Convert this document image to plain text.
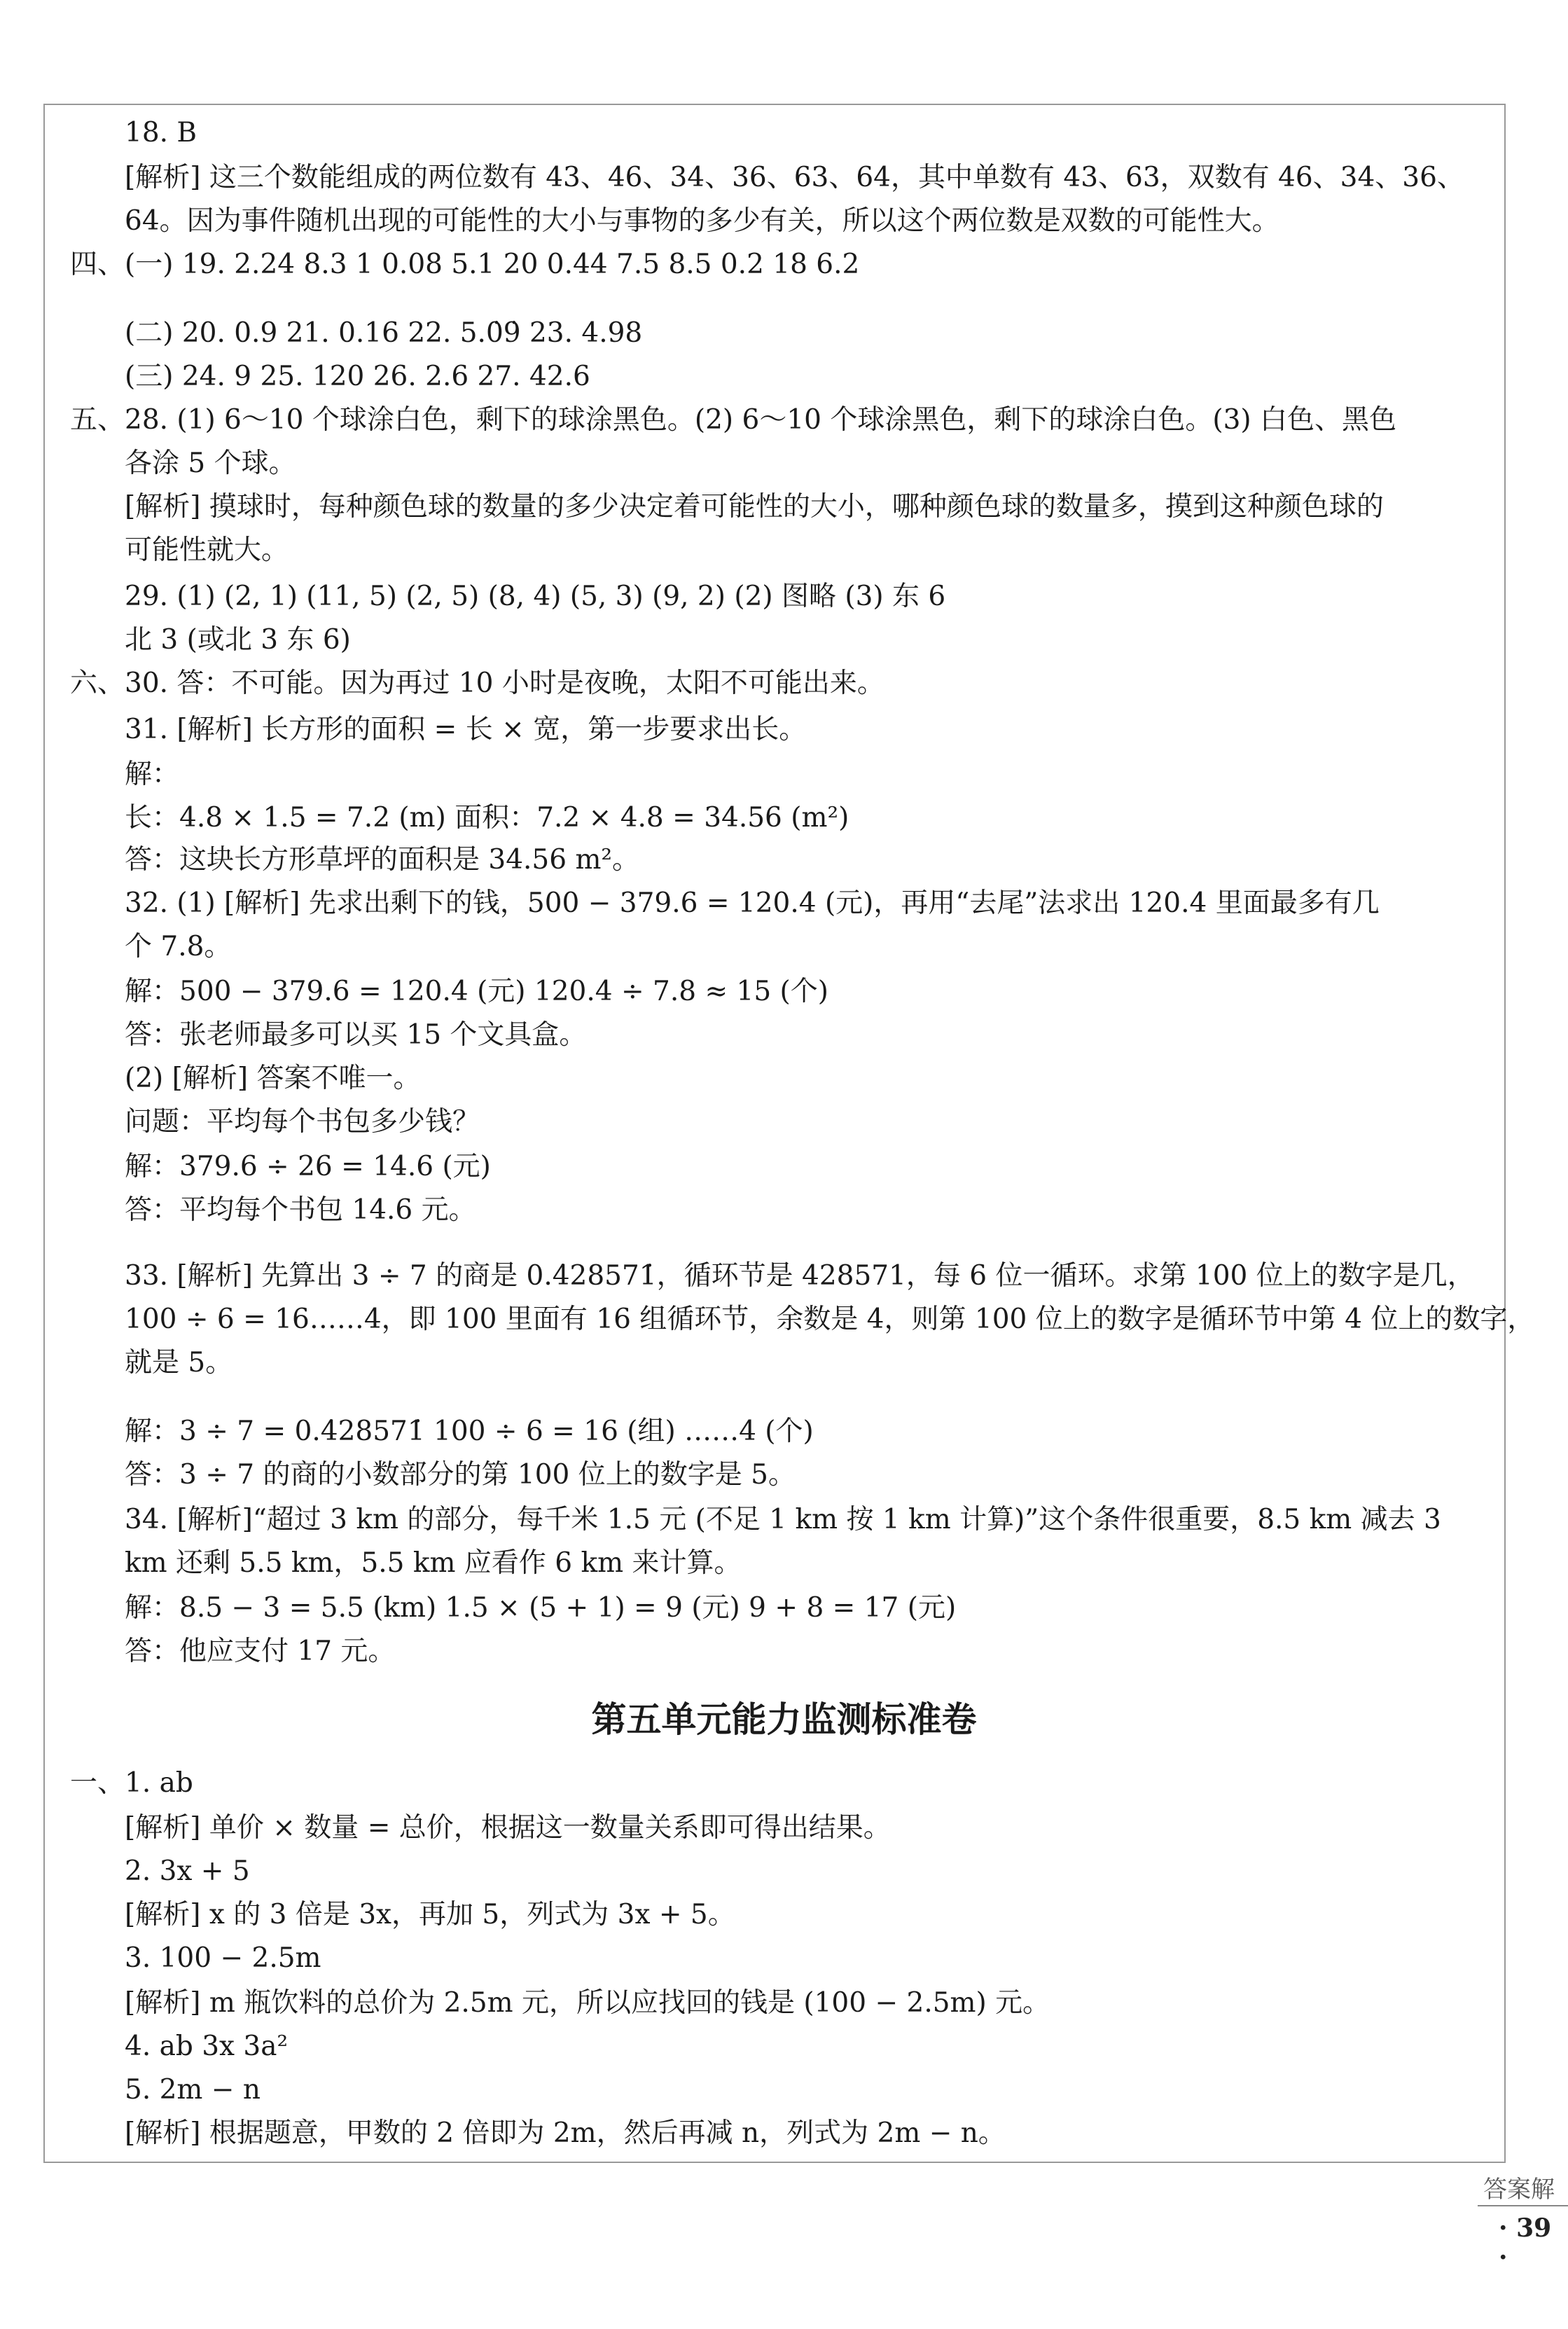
18. B
[解析] 这三个数能组成的两位数有 43、46、34、36、63、64，其中单数有 43、63，双数有 46、34、36、
64。因为事件随机出现的可能性的大小与事物的多少有关，所以这个两位数是双数的可能性大。
四、(一) 19. 2.24 8.3 1 0.08 5.1 20 0.44 7.5 8.5 0.2 18 6.2
(二) 20. 0.9 21. 0.16 22. 5.0̇9̇ 23. 4.98
(三) 24. 9 25. 120 26. 2.6 27. 42.6
五、28. (1) 6～10 个球涂白色，剩下的球涂黑色。(2) 6～10 个球涂黑色，剩下的球涂白色。(3) 白色、黑色
各涂 5 个球。
[解析] 摸球时，每种颜色球的数量的多少决定着可能性的大小，哪种颜色球的数量多，摸到这种颜色球的
可能性就大。
29. (1) (2, 1) (11, 5) (2, 5) (8, 4) (5, 3) (9, 2) (2) 图略 (3) 东 6
北 3 (或北 3 东 6)
六、30. 答：不可能。因为再过 10 小时是夜晚，太阳不可能出来。
31. [解析] 长方形的面积 = 长 × 宽，第一步要求出长。
解：
长：4.8 × 1.5 = 7.2 (m) 面积：7.2 × 4.8 = 34.56 (m²)
答：这块长方形草坪的面积是 34.56 m²。
32. (1) [解析] 先求出剩下的钱，500 − 379.6 = 120.4 (元)，再用“去尾”法求出 120.4 里面最多有几
个 7.8。
解：500 − 379.6 = 120.4 (元) 120.4 ÷ 7.8 ≈ 15 (个)
答：张老师最多可以买 15 个文具盒。
(2) [解析] 答案不唯一。
问题：平均每个书包多少钱？
解：379.6 ÷ 26 = 14.6 (元)
答：平均每个书包 14.6 元。
33. [解析] 先算出 3 ÷ 7 的商是 0.4̇28571̇，循环节是 428571，每 6 位一循环。求第 100 位上的数字是几，
100 ÷ 6 = 16……4，即 100 里面有 16 组循环节，余数是 4，则第 100 位上的数字是循环节中第 4 位上的数字，
就是 5。
解：3 ÷ 7 = 0.4̇28571̇ 100 ÷ 6 = 16 (组) ……4 (个)
答：3 ÷ 7 的商的小数部分的第 100 位上的数字是 5。
34. [解析]“超过 3 km 的部分，每千米 1.5 元 (不足 1 km 按 1 km 计算)”这个条件很重要，8.5 km 减去 3
km 还剩 5.5 km，5.5 km 应看作 6 km 来计算。
解：8.5 − 3 = 5.5 (km) 1.5 × (5 + 1) = 9 (元) 9 + 8 = 17 (元)
答：他应支付 17 元。
第五单元能力监测标准卷
一、1. ab
[解析] 单价 × 数量 = 总价，根据这一数量关系即可得出结果。
2. 3x + 5
[解析] x 的 3 倍是 3x，再加 5，列式为 3x + 5。
3. 100 − 2.5m
[解析] m 瓶饮料的总价为 2.5m 元，所以应找回的钱是 (100 − 2.5m) 元。
4. ab 3x 3a²
5. 2m − n
[解析] 根据题意，甲数的 2 倍即为 2m，然后再减 n，列式为 2m − n。
答案解
· 39 ·
